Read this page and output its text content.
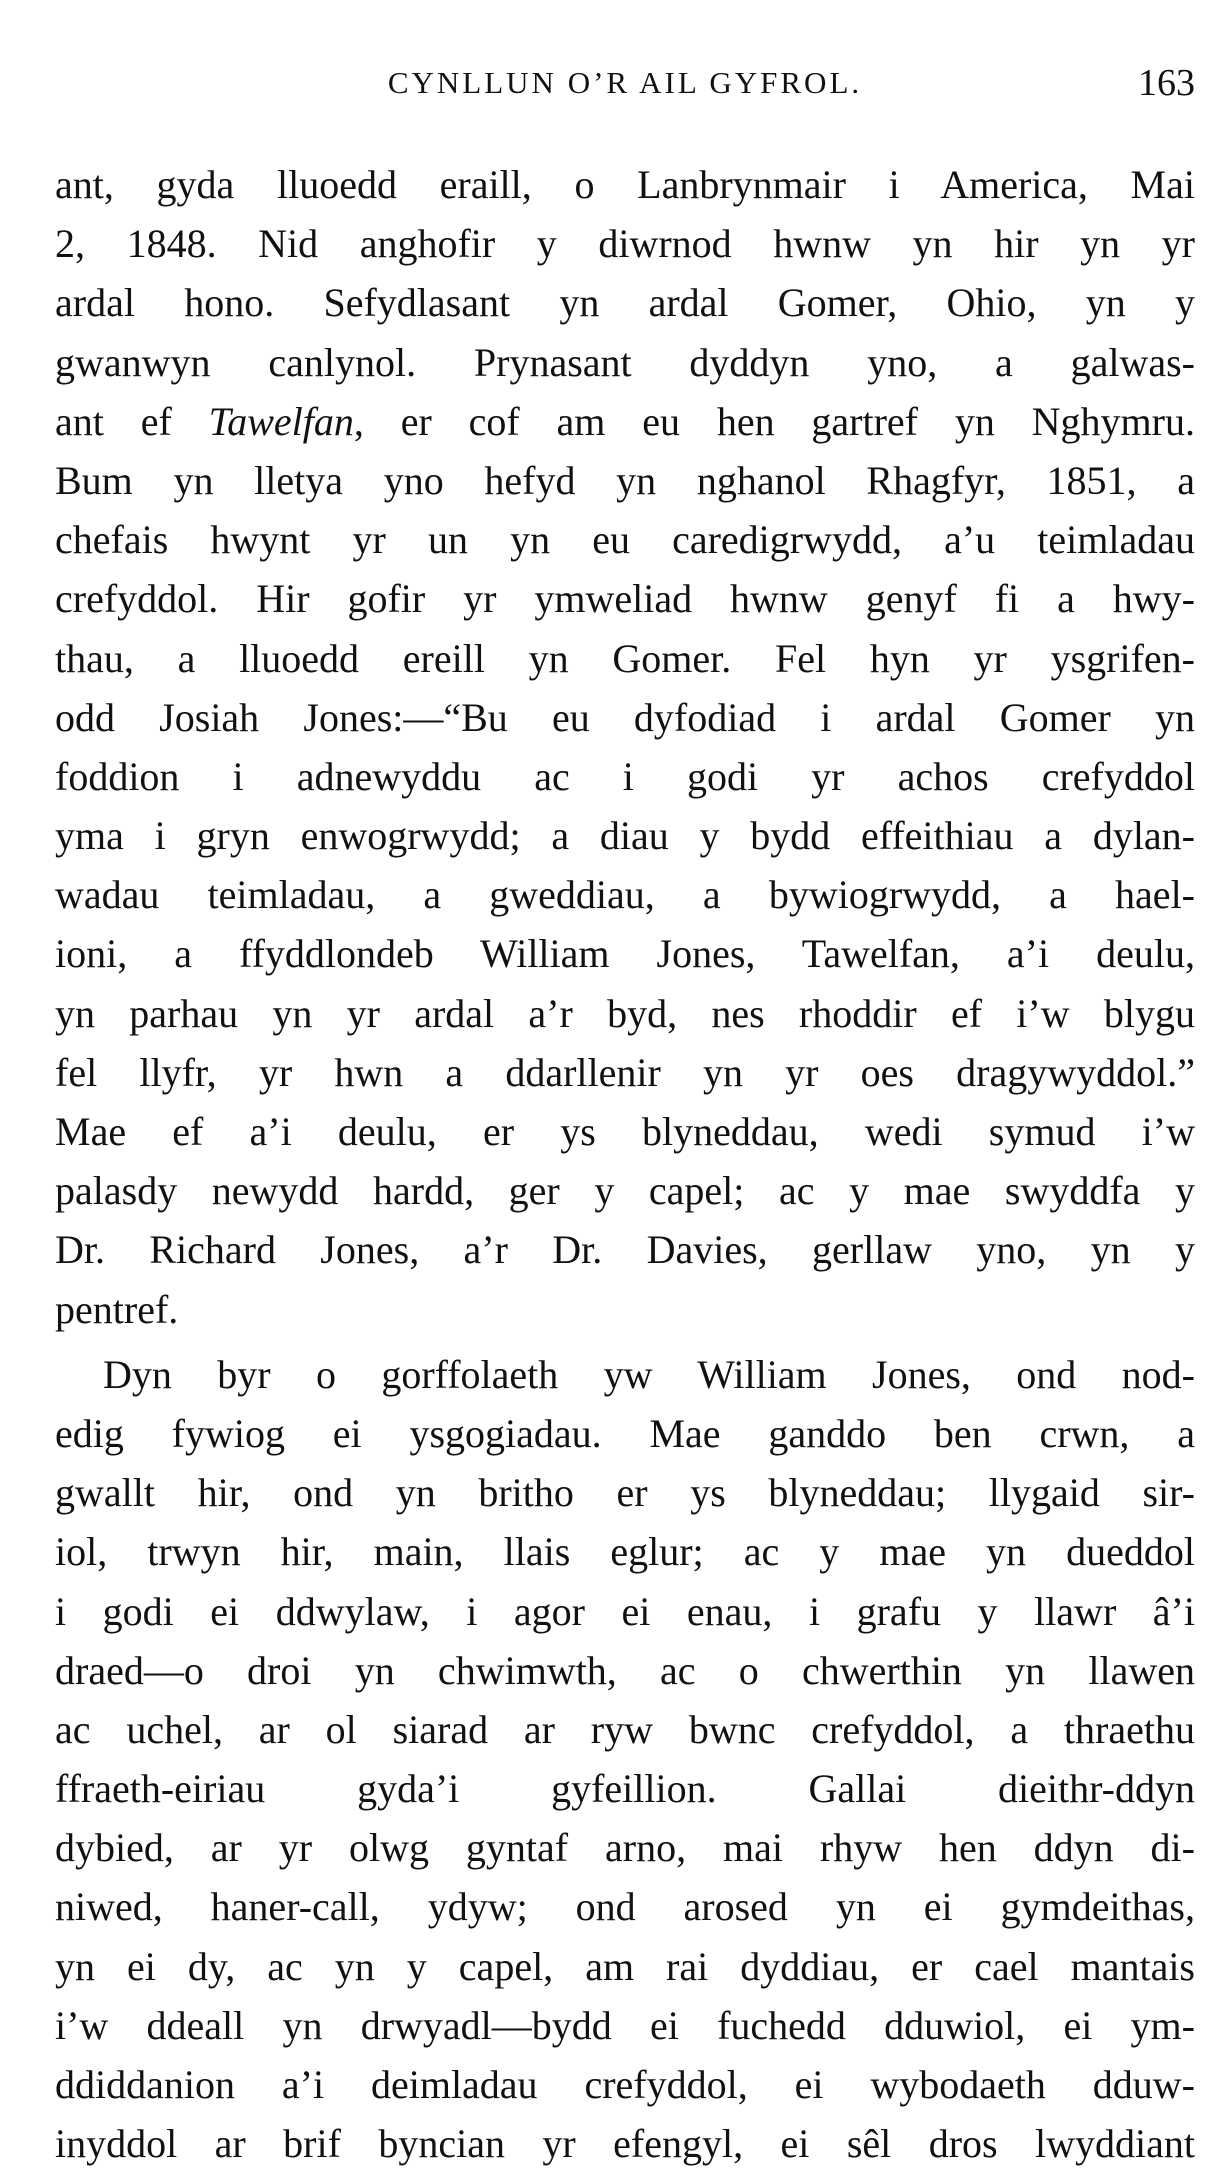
CYNLLUN O’R AIL GYFROL.	163
ant, gyda lluoedd eraill, o Lanbrynmair i America, Mai
2, 1848. Nid anghofir y diwrnod hwnw yn hir yn yr
ardal hono. Sefydlasant yn ardal Gomer, Ohio, yn y
gwanwyn canlynol. Prynasant dyddyn yno, a galwas-
ant ef Tawelfan, er cof am eu hen gartref yn Nghymru.
Bum yn lletya yno hefyd yn nghanol Rhagfyr, 1851, a
chefais hwynt yr un yn eu caredigrwydd, a’u teimladau
crefyddol. Hir gofir yr ymweliad hwnw genyf fi a hwy-
thau, a lluoedd ereill yn Gomer. Fel hyn yr ysgrifen-
odd Josiah Jones:—“Bu eu dyfodiad i ardal Gomer yn
foddion i adnewyddu ac i godi yr achos crefyddol
yma i gryn enwogrwydd; a diau y bydd effeithiau a dylan-
wadau teimladau, a gweddiau, a bywiogrwydd, a hael-
ioni, a ffyddlondeb William Jones, Tawelfan, a’i deulu,
yn parhau yn yr ardal a’r byd, nes rhoddir ef i’w blygu
fel llyfr, yr hwn a ddarllenir yn yr oes dragywyddol.”
Mae ef a’i deulu, er ys blyneddau, wedi symud i’w
palasdy newydd hardd, ger y capel; ac y mae swyddfa y
Dr. Richard Jones, a’r Dr. Davies, gerllaw yno, yn y
pentref.
Dyn byr o gorffolaeth yw William Jones, ond nod-
edig fywiog ei ysgogiadau. Mae ganddo ben crwn, a
gwallt hir, ond yn britho er ys blyneddau; llygaid sir-
iol, trwyn hir, main, llais eglur; ac y mae yn dueddol
i godi ei ddwylaw, i agor ei enau, i grafu y llawr â’i
draed—o droi yn chwimwth, ac o chwerthin yn llawen
ac uchel, ar ol siarad ar ryw bwnc crefyddol, a thraethu
ffraeth-eiriau gyda’i gyfeillion. Gallai dieithr-ddyn
dybied, ar yr olwg gyntaf arno, mai rhyw hen ddyn di-
niwed, haner-call, ydyw; ond arosed yn ei gymdeithas,
yn ei dy, ac yn y capel, am rai dyddiau, er cael mantais
i’w ddeall yn drwyadl—bydd ei fuchedd dduwiol, ei ym-
ddiddanion a’i deimladau crefyddol, ei wybodaeth dduw-
inyddol ar brif byncian yr efengyl, ei sêl dros lwyddiant
